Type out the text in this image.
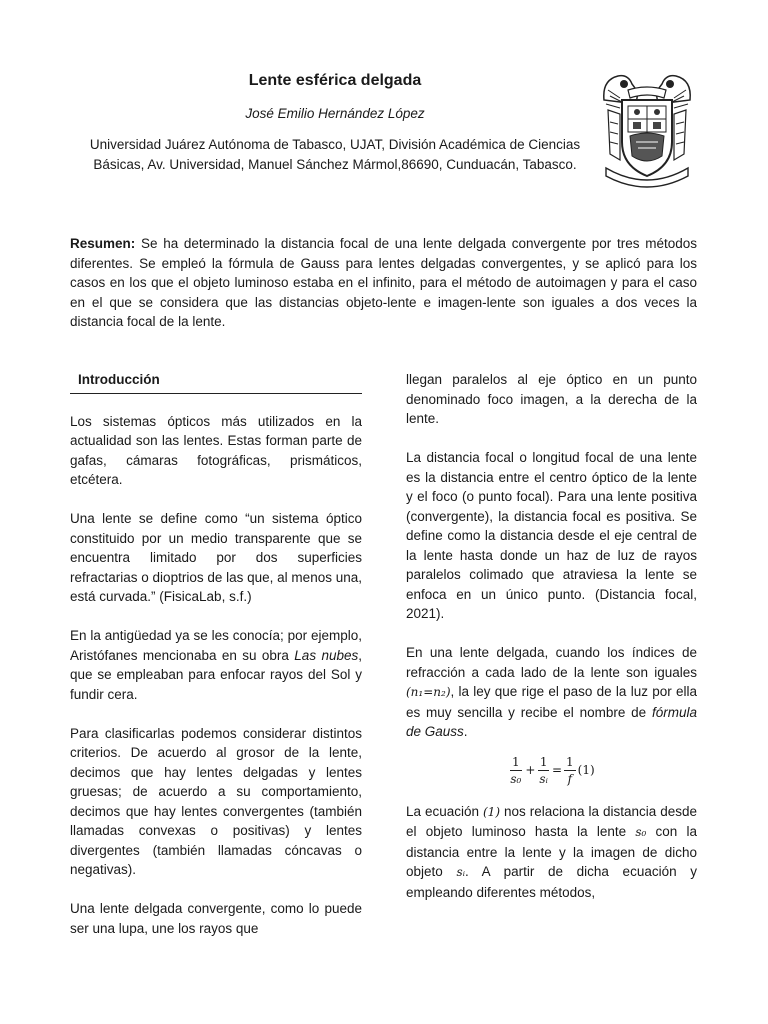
Lente esférica delgada
José Emilio Hernández López
Universidad Juárez Autónoma de Tabasco, UJAT, División Académica de Ciencias Básicas, Av. Universidad, Manuel Sánchez Mármol,86690, Cunduacán, Tabasco.
Resumen: Se ha determinado la distancia focal de una lente delgada convergente por tres métodos diferentes. Se empleó la fórmula de Gauss para lentes delgadas convergentes, y se aplicó para los casos en los que el objeto luminoso estaba en el infinito, para el método de autoimagen y para el caso en el que se considera que las distancias objeto-lente e imagen-lente son iguales a dos veces la distancia focal de la lente.
Introducción

Los sistemas ópticos más utilizados en la actualidad son las lentes. Estas forman parte de gafas, cámaras fotográficas, prismáticos, etcétera.

Una lente se define como “un sistema óptico constituido por un medio transparente que se encuentra limitado por dos superficies refractarias o dioptrios de las que, al menos una, está curvada.” (FisicaLab, s.f.)

En la antigüedad ya se les conocía; por ejemplo, Aristófanes mencionaba en su obra Las nubes, que se empleaban para enfocar rayos del Sol y fundir cera.

Para clasificarlas podemos considerar distintos criterios. De acuerdo al grosor de la lente, decimos que hay lentes delgadas y lentes gruesas; de acuerdo a su comportamiento, decimos que hay lentes convergentes (también llamadas convexas o positivas) y lentes divergentes (también llamadas cóncavas o negativas).

Una lente delgada convergente, como lo puede ser una lupa, une los rayos que

llegan paralelos al eje óptico en un punto denominado foco imagen, a la derecha de la lente.

La distancia focal o longitud focal de una lente es la distancia entre el centro óptico de la lente y el foco (o punto focal). Para una lente positiva (convergente), la distancia focal es positiva. Se define como la distancia desde el eje central de la lente hasta donde un haz de luz de rayos paralelos colimado que atraviesa la lente se enfoca en un único punto. (Distancia focal, 2021).

En una lente delgada, cuando los índices de refracción a cada lado de la lente son iguales (n₁=n₂), la ley que rige el paso de la luz por ella es muy sencilla y recibe el nombre de fórmula de Gauss.

$\frac{1}{\text{s₀}} + \frac{1}{\text{sᵢ}} = \frac{1}{f} (1)$

La ecuación (1) nos relaciona la distancia desde el objeto luminoso hasta la lente s₀ con la distancia entre la lente y la imagen de dicho objeto sᵢ. A partir de dicha ecuación y empleando diferentes métodos,
